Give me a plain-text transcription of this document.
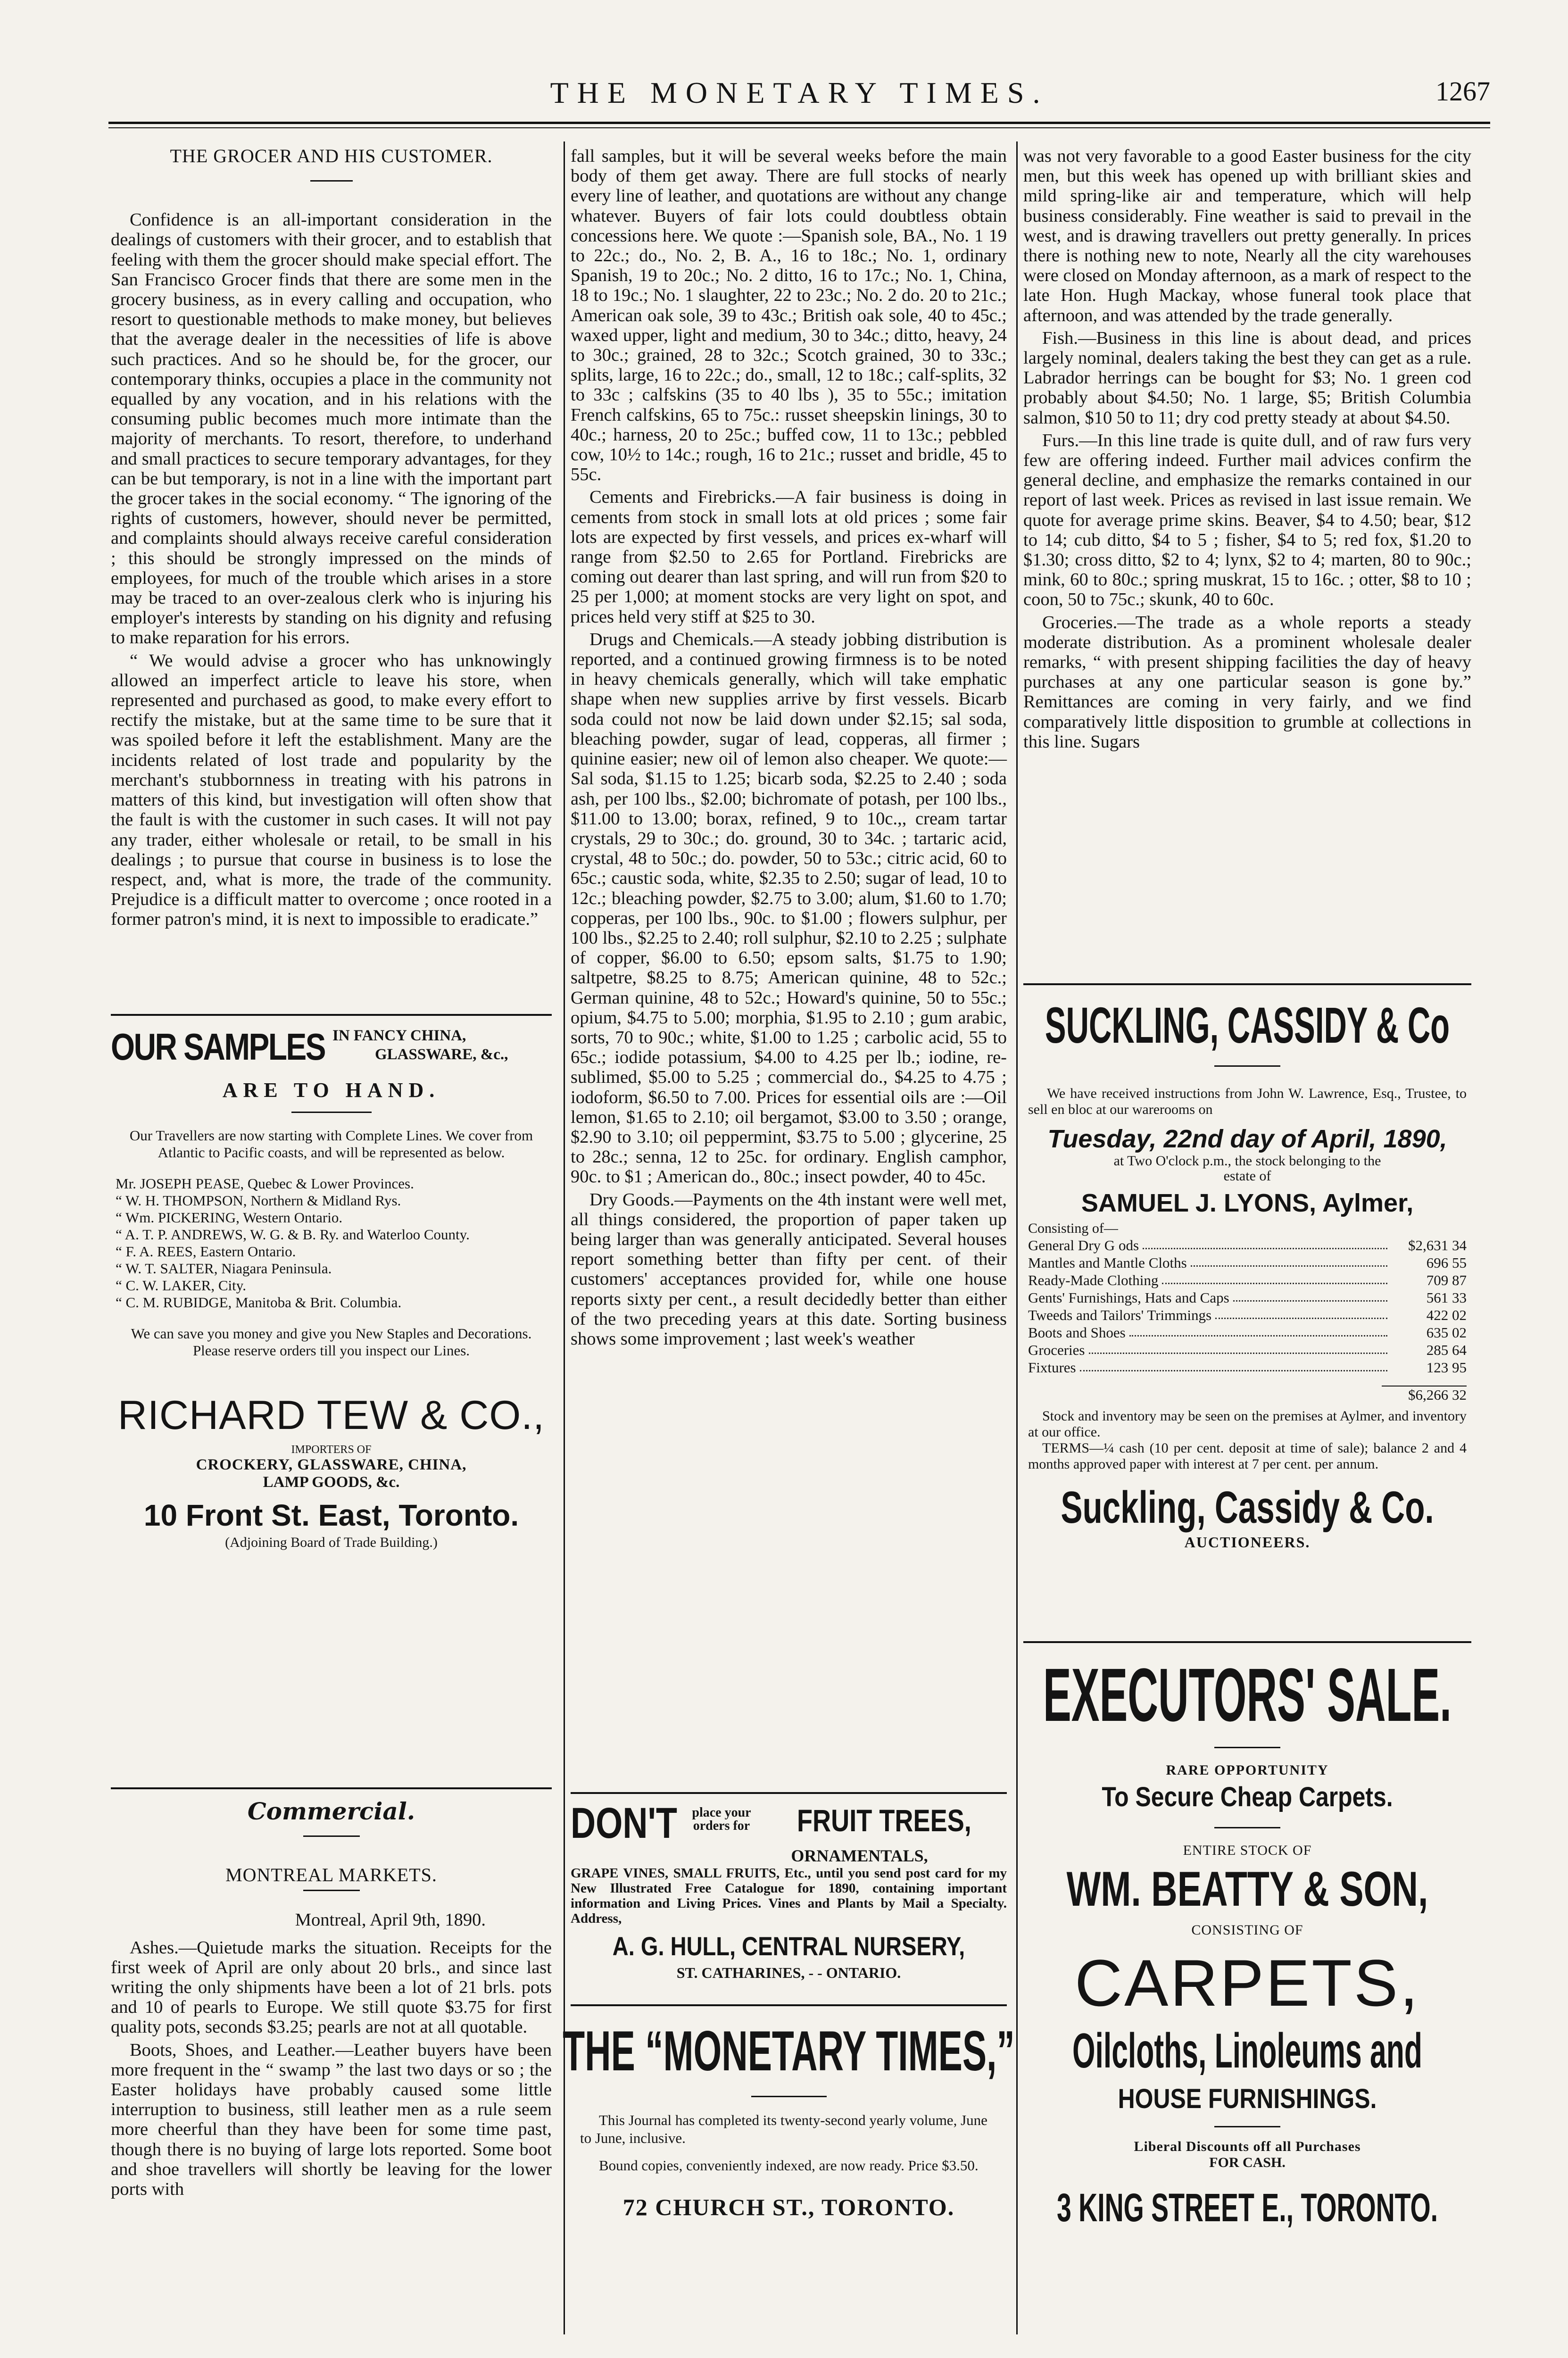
THE MONETARY TIMES.	1267
THE GROCER AND HIS CUSTOMER.

Confidence is an all-important consideration in the dealings of customers with their grocer, and to establish that feeling with them the grocer should make special effort. The San Francisco Grocer finds that there are some men in the grocery business, as in every calling and occupation, who resort to questionable methods to make money, but believes that the average dealer in the necessities of life is above such practices. And so he should be, for the grocer, our contemporary thinks, occupies a place in the community not equalled by any vocation, and in his relations with the consuming public becomes much more intimate than the majority of merchants. To resort, therefore, to underhand and small practices to secure temporary advantages, for they can be but temporary, is not in a line with the important part the grocer takes in the social economy. “ The ignoring of the rights of customers, however, should never be permitted, and complaints should always receive careful consideration ; this should be strongly impressed on the minds of employees, for much of the trouble which arises in a store may be traced to an over-zealous clerk who is injuring his employer's interests by standing on his dignity and refusing to make reparation for his errors.

“ We would advise a grocer who has unknowingly allowed an imperfect article to leave his store, when represented and purchased as good, to make every effort to rectify the mistake, but at the same time to be sure that it was spoiled before it left the establishment. Many are the incidents related of lost trade and popularity by the merchant's stubbornness in treating with his patrons in matters of this kind, but investigation will often show that the fault is with the customer in such cases. It will not pay any trader, either wholesale or retail, to be small in his dealings ; to pursue that course in business is to lose the respect, and, what is more, the trade of the community. Prejudice is a difficult matter to overcome ; once rooted in a former patron's mind, it is next to impossible to eradicate.”

OUR SAMPLES IN FANCY CHINA,
GLASSWARE, &c.,
ARE TO HAND.
Our Travellers are now starting with Complete Lines. We cover from Atlantic to Pacific coasts, and will be represented as below.
Mr. JOSEPH PEASE, Quebec & Lower Provinces.
“ W. H. THOMPSON, Northern & Midland Rys.
“ Wm. PICKERING, Western Ontario.
“ A. T. P. ANDREWS, W. G. & B. Ry. and Waterloo County.
“ F. A. REES, Eastern Ontario.
“ W. T. SALTER, Niagara Peninsula.
“ C. W. LAKER, City.
“ C. M. RUBIDGE, Manitoba & Brit. Columbia.
We can save you money and give you New Staples and Decorations. Please reserve orders till you inspect our Lines.
RICHARD TEW & CO.,
IMPORTERS OF
CROCKERY, GLASSWARE, CHINA,
LAMP GOODS, &c.
10 Front St. East, Toronto.
(Adjoining Board of Trade Building.)
Commercial.
MONTREAL MARKETS.
Montreal, April 9th, 1890.

Ashes.—Quietude marks the situation. Receipts for the first week of April are only about 20 brls., and since last writing the only shipments have been a lot of 21 brls. pots and 10 of pearls to Europe. We still quote $3.75 for first quality pots, seconds $3.25; pearls are not at all quotable.

Boots, Shoes, and Leather.—Leather buyers have been more frequent in the “ swamp ” the last two days or so ; the Easter holidays have probably caused some little interruption to business, still leather men as a rule seem more cheerful than they have been for some time past, though there is no buying of large lots reported. Some boot and shoe travellers will shortly be leaving for the lower ports with

fall samples, but it will be several weeks before the main body of them get away. There are full stocks of nearly every line of leather, and quotations are without any change whatever. Buyers of fair lots could doubtless obtain concessions here. We quote :—Spanish sole, BA., No. 1 19 to 22c.; do., No. 2, B. A., 16 to 18c.; No. 1, ordinary Spanish, 19 to 20c.; No. 2 ditto, 16 to 17c.; No. 1, China, 18 to 19c.; No. 1 slaughter, 22 to 23c.; No. 2 do. 20 to 21c.; American oak sole, 39 to 43c.; British oak sole, 40 to 45c.; waxed upper, light and medium, 30 to 34c.; ditto, heavy, 24 to 30c.; grained, 28 to 32c.; Scotch grained, 30 to 33c.; splits, large, 16 to 22c.; do., small, 12 to 18c.; calf-splits, 32 to 33c ; calfskins (35 to 40 lbs ), 35 to 55c.; imitation French calfskins, 65 to 75c.: russet sheepskin linings, 30 to 40c.; harness, 20 to 25c.; buffed cow, 11 to 13c.; pebbled cow, 10½ to 14c.; rough, 16 to 21c.; russet and bridle, 45 to 55c.

Cements and Firebricks.—A fair business is doing in cements from stock in small lots at old prices ; some fair lots are expected by first vessels, and prices ex-wharf will range from $2.50 to 2.65 for Portland. Firebricks are coming out dearer than last spring, and will run from $20 to 25 per 1,000; at moment stocks are very light on spot, and prices held very stiff at $25 to 30.

Drugs and Chemicals.—A steady jobbing distribution is reported, and a continued growing firmness is to be noted in heavy chemicals generally, which will take emphatic shape when new supplies arrive by first vessels. Bicarb soda could not now be laid down under $2.15; sal soda, bleaching powder, sugar of lead, copperas, all firmer ; quinine easier; new oil of lemon also cheaper. We quote:—Sal soda, $1.15 to 1.25; bicarb soda, $2.25 to 2.40 ; soda ash, per 100 lbs., $2.00; bichromate of potash, per 100 lbs., $11.00 to 13.00; borax, refined, 9 to 10c.,, cream tartar crystals, 29 to 30c.; do. ground, 30 to 34c. ; tartaric acid, crystal, 48 to 50c.; do. powder, 50 to 53c.; citric acid, 60 to 65c.; caustic soda, white, $2.35 to 2.50; sugar of lead, 10 to 12c.; bleaching powder, $2.75 to 3.00; alum, $1.60 to 1.70; copperas, per 100 lbs., 90c. to $1.00 ; flowers sulphur, per 100 lbs., $2.25 to 2.40; roll sulphur, $2.10 to 2.25 ; sulphate of copper, $6.00 to 6.50; epsom salts, $1.75 to 1.90; saltpetre, $8.25 to 8.75; American quinine, 48 to 52c.; German quinine, 48 to 52c.; Howard's quinine, 50 to 55c.; opium, $4.75 to 5.00; morphia, $1.95 to 2.10 ; gum arabic, sorts, 70 to 90c.; white, $1.00 to 1.25 ; carbolic acid, 55 to 65c.; iodide potassium, $4.00 to 4.25 per lb.; iodine, re-sublimed, $5.00 to 5.25 ; commercial do., $4.25 to 4.75 ; iodoform, $6.50 to 7.00. Prices for essential oils are :—Oil lemon, $1.65 to 2.10; oil bergamot, $3.00 to 3.50 ; orange, $2.90 to 3.10; oil peppermint, $3.75 to 5.00 ; glycerine, 25 to 28c.; senna, 12 to 25c. for ordinary. English camphor, 90c. to $1 ; American do., 80c.; insect powder, 40 to 45c.

Dry Goods.—Payments on the 4th instant were well met, all things considered, the proportion of paper taken up being larger than was generally anticipated. Several houses report something better than fifty per cent. of their customers' acceptances provided for, while one house reports sixty per cent., a result decidedly better than either of the two preceding years at this date. Sorting business shows some improvement ; last week's weather

DON'T	place your orders for	FRUIT TREES,
ORNAMENTALS,
GRAPE VINES, SMALL FRUITS, Etc., until you send post card for my New Illustrated Free Catalogue for 1890, containing important information and Living Prices. Vines and Plants by Mail a Specialty. Address,
A. G. HULL, CENTRAL NURSERY,
ST. CATHARINES, - - ONTARIO.
THE “MONETARY TIMES,”

This Journal has completed its twenty-second yearly volume, June to June, inclusive.

Bound copies, conveniently indexed, are now ready. Price $3.50.

72 CHURCH ST., TORONTO.

was not very favorable to a good Easter business for the city men, but this week has opened up with brilliant skies and mild spring-like air and temperature, which will help business considerably. Fine weather is said to prevail in the west, and is drawing travellers out pretty generally. In prices there is nothing new to note, Nearly all the city warehouses were closed on Monday afternoon, as a mark of respect to the late Hon. Hugh Mackay, whose funeral took place that afternoon, and was attended by the trade generally.

Fish.—Business in this line is about dead, and prices largely nominal, dealers taking the best they can get as a rule. Labrador herrings can be bought for $3; No. 1 green cod probably about $4.50; No. 1 large, $5; British Columbia salmon, $10 50 to 11; dry cod pretty steady at about $4.50.

Furs.—In this line trade is quite dull, and of raw furs very few are offering indeed. Further mail advices confirm the general decline, and emphasize the remarks contained in our report of last week. Prices as revised in last issue remain. We quote for average prime skins. Beaver, $4 to 4.50; bear, $12 to 14; cub ditto, $4 to 5 ; fisher, $4 to 5; red fox, $1.20 to $1.30; cross ditto, $2 to 4; lynx, $2 to 4; marten, 80 to 90c.; mink, 60 to 80c.; spring muskrat, 15 to 16c. ; otter, $8 to 10 ; coon, 50 to 75c.; skunk, 40 to 60c.

Groceries.—The trade as a whole reports a steady moderate distribution. As a prominent wholesale dealer remarks, “ with present shipping facilities the day of heavy purchases at any one particular season is gone by.” Remittances are coming in very fairly, and we find comparatively little disposition to grumble at collections in this line. Sugars

SUCKLING, CASSIDY & Co

We have received instructions from John W. Lawrence, Esq., Trustee, to sell en bloc at our warerooms on

Tuesday, 22nd day of April, 1890,
at Two O'clock p.m., the stock belonging to the estate of
SAMUEL J. LYONS, Aylmer,
Consisting of—
General Dry G ods	$2,631 34
Mantles and Mantle Cloths	696 55
Ready-Made Clothing	709 87
Gents' Furnishings, Hats and Caps	561 33
Tweeds and Tailors' Trimmings	422 02
Boots and Shoes	635 02
Groceries	285 64
Fixtures	123 95
$6,266 32

Stock and inventory may be seen on the premises at Aylmer, and inventory at our office.

TERMS—¼ cash (10 per cent. deposit at time of sale); balance 2 and 4 months approved paper with interest at 7 per cent. per annum.

Suckling, Cassidy & Co.
AUCTIONEERS.
EXECUTORS' SALE.
RARE OPPORTUNITY
To Secure Cheap Carpets.
ENTIRE STOCK OF
WM. BEATTY & SON,
CONSISTING OF
CARPETS,
Oilcloths, Linoleums and
HOUSE FURNISHINGS.
Liberal Discounts off all Purchases
FOR CASH.
3 KING STREET E., TORONTO.
